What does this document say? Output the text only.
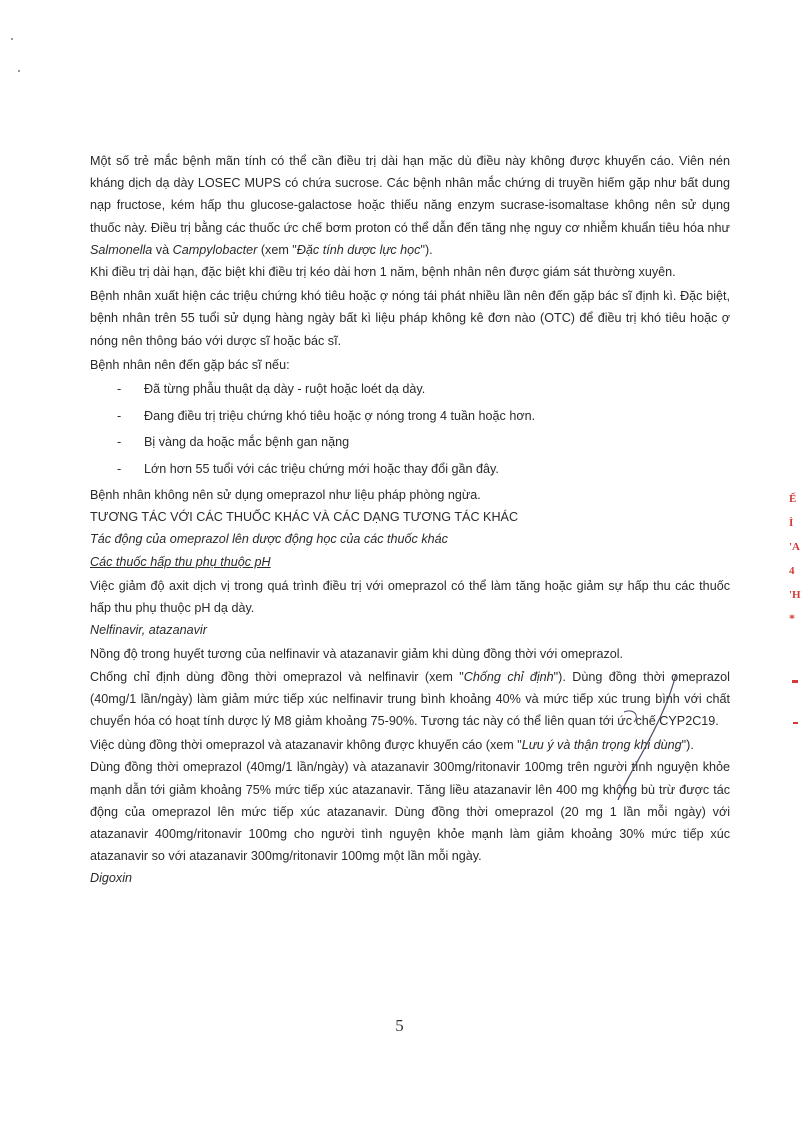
Một số trẻ mắc bệnh mãn tính có thể cần điều trị dài hạn mặc dù điều này không được khuyến cáo. Viên nén kháng dịch dạ dày LOSEC MUPS có chứa sucrose. Các bệnh nhân mắc chứng di truyền hiếm gặp như bất dung nạp fructose, kém hấp thu glucose-galactose hoặc thiếu năng enzym sucrase-isomaltase không nên sử dụng thuốc này. Điều trị bằng các thuốc ức chế bơm proton có thể dẫn đến tăng nhẹ nguy cơ nhiễm khuẩn tiêu hóa như Salmonella và Campylobacter (xem "Đặc tính dược lực học").

Khi điều trị dài hạn, đặc biệt khi điều trị kéo dài hơn 1 năm, bệnh nhân nên được giám sát thường xuyên.

Bệnh nhân xuất hiện các triệu chứng khó tiêu hoặc ợ nóng tái phát nhiều lần nên đến gặp bác sĩ định kì. Đặc biệt, bệnh nhân trên 55 tuổi sử dụng hàng ngày bất kì liệu pháp không kê đơn nào (OTC) để điều trị khó tiêu hoặc ợ nóng nên thông báo với dược sĩ hoặc bác sĩ.

Bệnh nhân nên đến gặp bác sĩ nếu:

- Đã từng phẫu thuật dạ dày - ruột hoặc loét dạ dày.
- Đang điều trị triệu chứng khó tiêu hoặc ợ nóng trong 4 tuần hoặc hơn.
- Bị vàng da hoặc mắc bệnh gan nặng
- Lớn hơn 55 tuổi với các triệu chứng mới hoặc thay đổi gần đây.

Bệnh nhân không nên sử dụng omeprazol như liệu pháp phòng ngừa.

TƯƠNG TÁC VỚI CÁC THUỐC KHÁC VÀ CÁC DẠNG TƯƠNG TÁC KHÁC

Tác động của omeprazol lên dược động học của các thuốc khác

Các thuốc hấp thu phụ thuộc pH

Việc giảm độ axit dịch vị trong quá trình điều trị với omeprazol có thể làm tăng hoặc giảm sự hấp thu các thuốc hấp thu phụ thuộc pH dạ dày.

Nelfinavir, atazanavir

Nồng độ trong huyết tương của nelfinavir và atazanavir giảm khi dùng đồng thời với omeprazol.

Chống chỉ định dùng đồng thời omeprazol và nelfinavir (xem "Chống chỉ định"). Dùng đồng thời omeprazol (40mg/1 lần/ngày) làm giảm mức tiếp xúc nelfinavir trung bình khoảng 40% và mức tiếp xúc trung bình với chất chuyển hóa có hoạt tính dược lý M8 giảm khoảng 75-90%. Tương tác này có thể liên quan tới ức chế CYP2C19.

Việc dùng đồng thời omeprazol và atazanavir không được khuyến cáo (xem "Lưu ý và thận trọng khi dùng").

Dùng đồng thời omeprazol (40mg/1 lần/ngày) và atazanavir 300mg/ritonavir 100mg trên người tình nguyện khỏe mạnh dẫn tới giảm khoảng 75% mức tiếp xúc atazanavir. Tăng liều atazanavir lên 400 mg không bù trừ được tác động của omeprazol lên mức tiếp xúc atazanavir. Dùng đồng thời omeprazol (20 mg 1 lần mỗi ngày) với atazanavir 400mg/ritonavir 100mg cho người tình nguyện khỏe mạnh làm giảm khoảng 30% mức tiếp xúc atazanavir so với atazanavir 300mg/ritonavir 100mg một lần mỗi ngày.

Digoxin

Ế
Ì
'A
4
'H
*
5
